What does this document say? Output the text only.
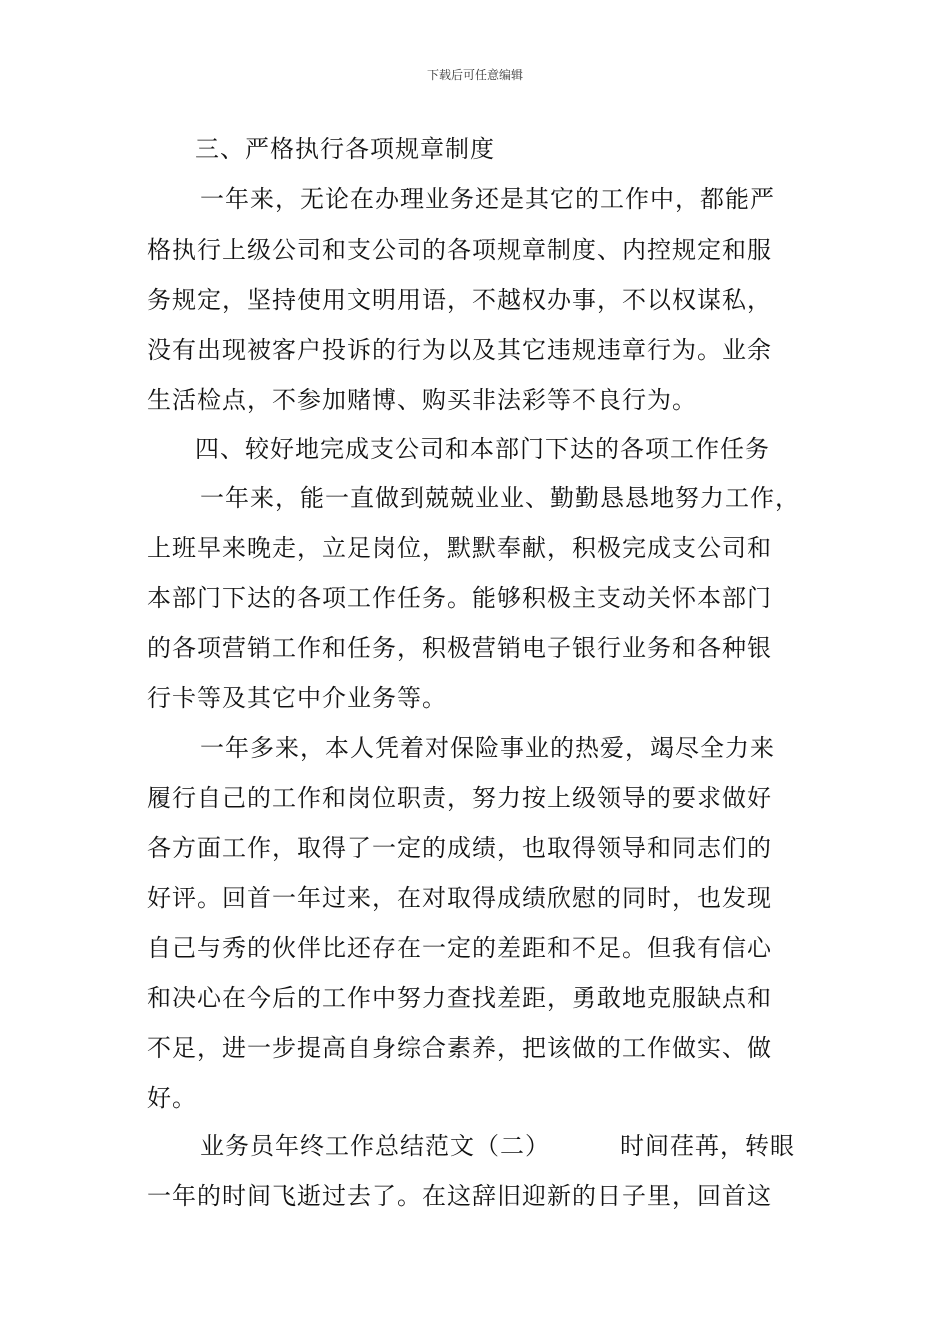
下载后可任意编辑
三、严格执行各项规章制度
一年来，无论在办理业务还是其它的工作中，都能严
格执行上级公司和支公司的各项规章制度、内控规定和服
务规定，坚持使用文明用语，不越权办事，不以权谋私，
没有出现被客户投诉的行为以及其它违规违章行为。业余
生活检点，不参加赌博、购买非法彩等不良行为。
四、较好地完成支公司和本部门下达的各项工作任务
一年来，能一直做到兢兢业业、勤勤恳恳地努力工作，
上班早来晚走，立足岗位，默默奉献，积极完成支公司和
本部门下达的各项工作任务。能够积极主支动关怀本部门
的各项营销工作和任务，积极营销电子银行业务和各种银
行卡等及其它中介业务等。
一年多来，本人凭着对保险事业的热爱，竭尽全力来
履行自己的工作和岗位职责，努力按上级领导的要求做好
各方面工作，取得了一定的成绩，也取得领导和同志们的
好评。回首一年过来，在对取得成绩欣慰的同时，也发现
自己与秀的伙伴比还存在一定的差距和不足。但我有信心
和决心在今后的工作中努力查找差距，勇敢地克服缺点和
不足，进一步提高自身综合素养，把该做的工作做实、做
好。
业务员年终工作总结范文（二）	时间荏苒，转眼
一年的时间飞逝过去了。在这辞旧迎新的日子里，回首这
